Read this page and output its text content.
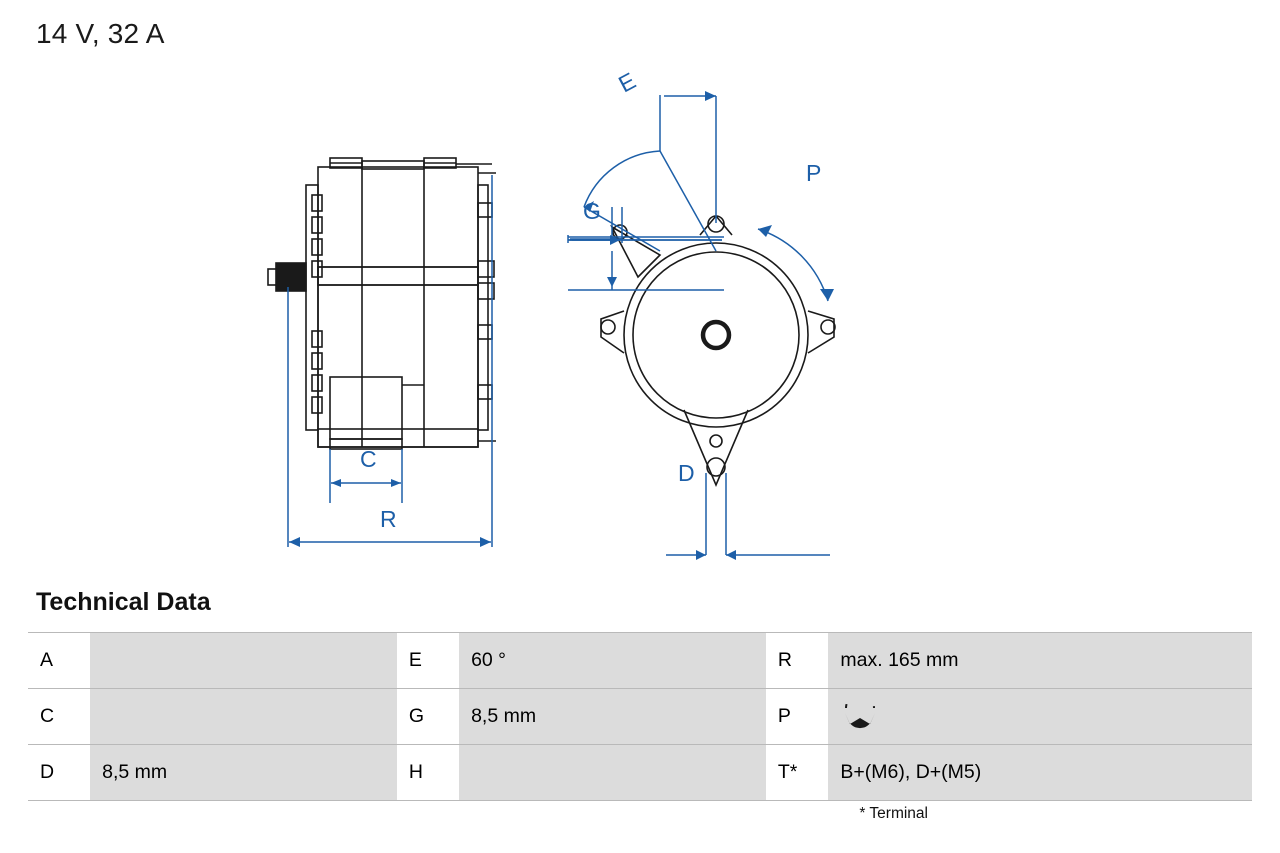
14 V, 32 A
E
G
P
D
C
R
Technical Data
A		E	60 °	R	max. 165 mm
C		G	8,5 mm	P	
D	8,5 mm	H		T*	B+(M6), D+(M5)
* Terminal
